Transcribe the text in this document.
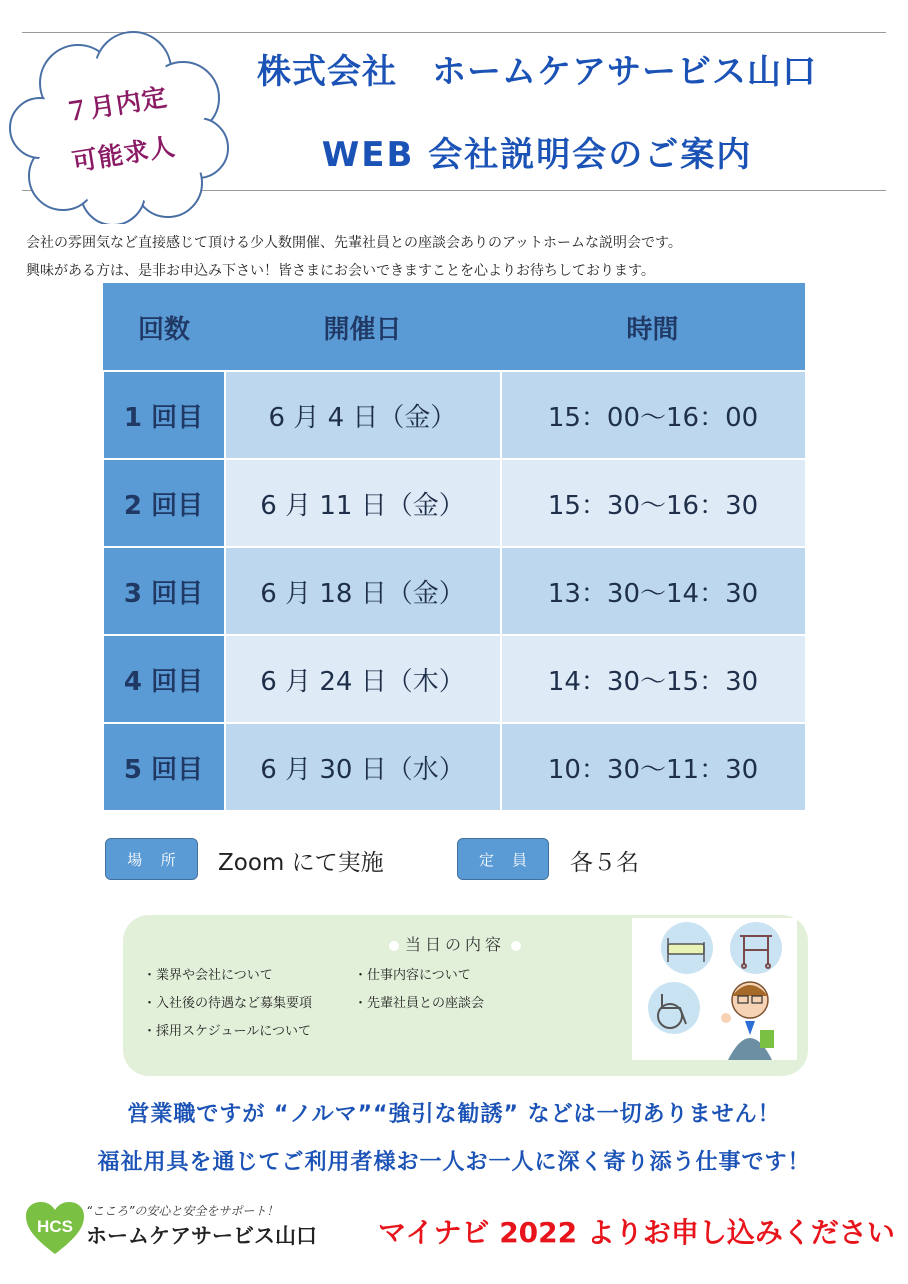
７月内定
可能求人
株式会社　ホームケアサービス山口
WEB 会社説明会のご案内
会社の雰囲気など直接感じて頂ける少人数開催、先輩社員との座談会ありのアットホームな説明会です。
興味がある方は、是非お申込み下さい！皆さまにお会いできますことを心よりお待ちしております。
回数	開催日	時間
1 回目	6 月 4 日（金）	15：00〜16：00
2 回目	6 月 11 日（金）	15：30〜16：30
3 回目	6 月 18 日（金）	13：30〜14：30
4 回目	6 月 24 日（木）	14：30〜15：30
5 回目	6 月 30 日（水）	10：30〜11：30
場 所 Zoom にて実施	定 員 各５名
当日の内容
・業界や会社について
・入社後の待遇など募集要項
・採用スケジュールについて
・仕事内容について
・先輩社員との座談会
営業職ですが “ノルマ”“強引な勧誘” などは一切ありません！
福祉用具を通じてご利用者様お一人お一人に深く寄り添う仕事です！
HCS
“こころ”の安心と安全をサポート！
ホームケアサービス山口 マイナビ 2022 よりお申し込みください
